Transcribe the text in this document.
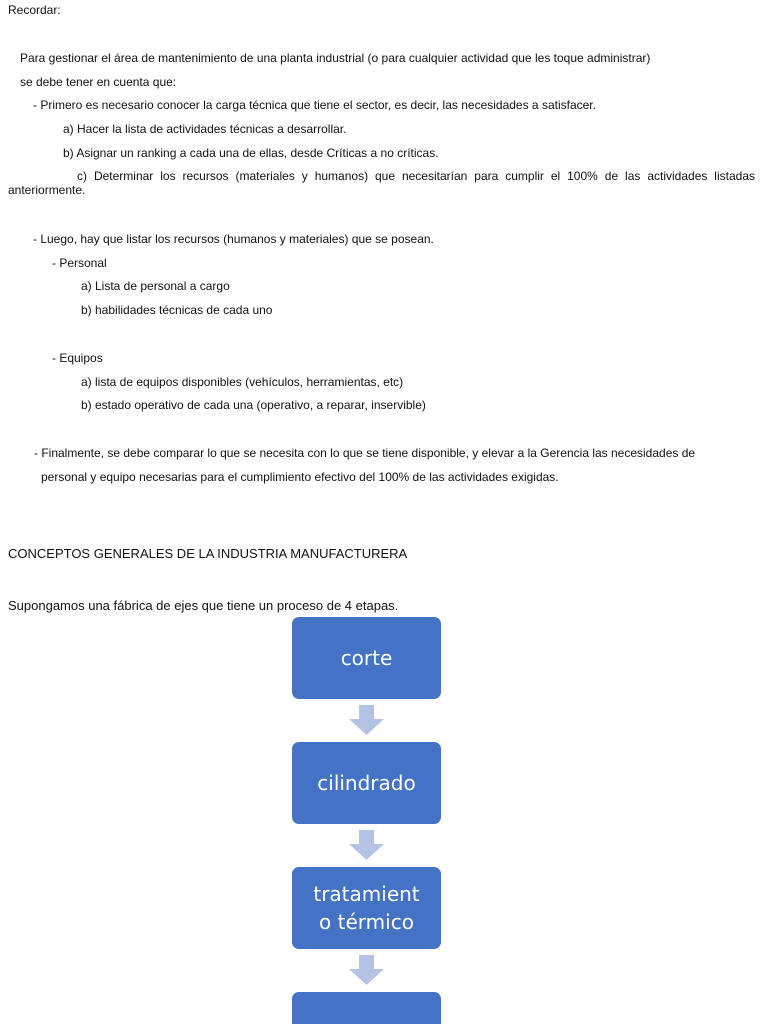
Recordar:

Para gestionar el área de mantenimiento de una planta industrial (o para cualquier actividad que les toque administrar)

se debe tener en cuenta que:

- Primero es necesario conocer la carga técnica que tiene el sector, es decir, las necesidades a satisfacer.

a) Hacer la lista de actividades técnicas a desarrollar.

b) Asignar un ranking a cada una de ellas, desde Críticas a no críticas.

c) Determinar los recursos (materiales y humanos) que necesitarían para cumplir el 100% de las actividades listadas anteriormente.

- Luego, hay que listar los recursos (humanos y materiales) que se posean.

- Personal

a) Lista de personal a cargo

b) habilidades técnicas de cada uno

- Equipos

a) lista de equipos disponibles (vehículos, herramientas, etc)

b) estado operativo de cada una (operativo, a reparar, inservible)

- Finalmente, se debe comparar lo que se necesita con lo que se tiene disponible, y elevar a la Gerencia las necesidades de

personal y equipo necesarias para el cumplimiento efectivo del 100% de las actividades exigidas.

CONCEPTOS GENERALES DE LA INDUSTRIA MANUFACTURERA

Supongamos una fábrica de ejes que tiene un proceso de 4 etapas.

corte
cilindrado
tratamient
o térmico
